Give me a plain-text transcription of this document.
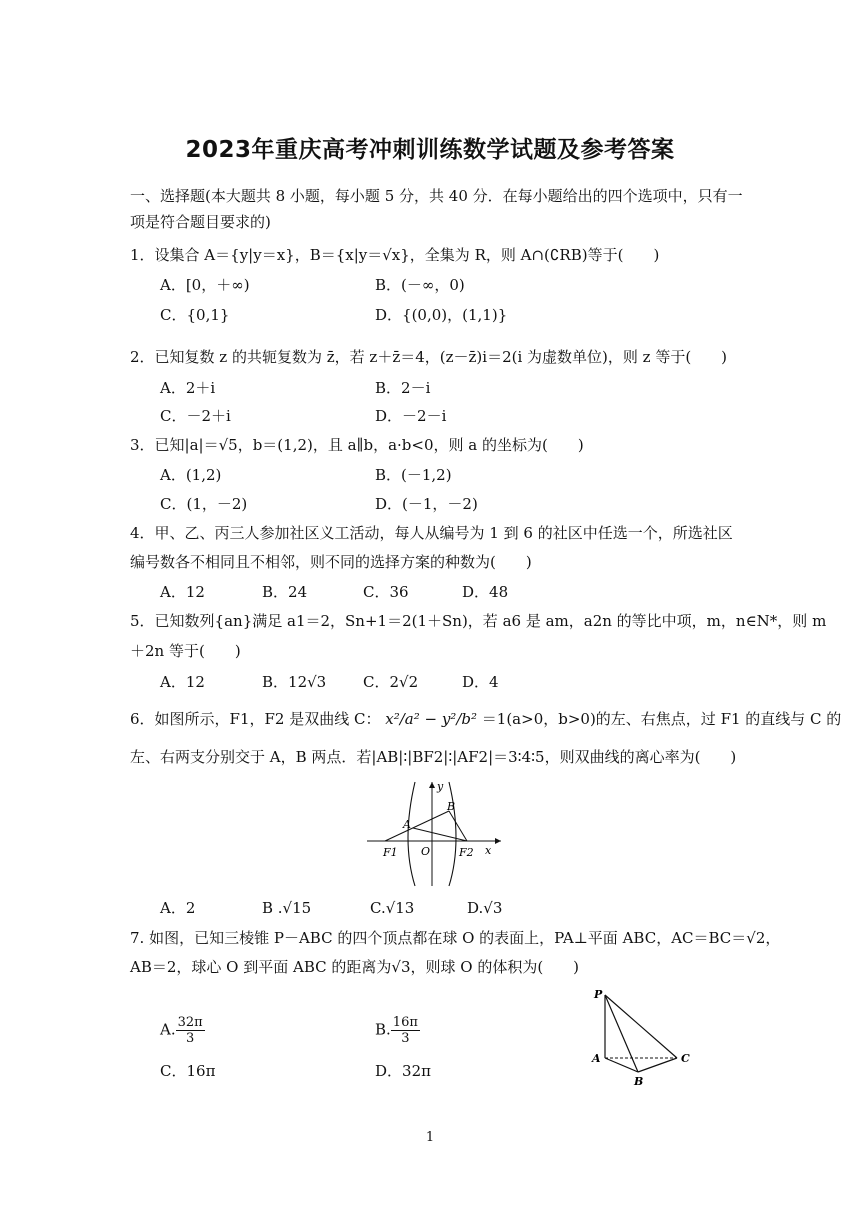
2023年重庆高考冲刺训练数学试题及参考答案
一、选择题(本大题共 8 小题，每小题 5 分，共 40 分．在每小题给出的四个选项中，只有一
项是符合题目要求的)
1．设集合 A＝{y|y＝x}，B＝{x|y＝√x}，全集为 R，则 A∩(∁RB)等于(　　)
A．[0，＋∞)	B．(－∞，0)
C．{0,1}	D．{(0,0)，(1,1)}
2．已知复数 z 的共轭复数为 z̄，若 z＋z̄＝4，(z－z̄)i＝2(i 为虚数单位)，则 z 等于(　　)
A．2＋i	B．2－i
C．－2＋i	D．－2－i
3．已知|a|＝√5，b＝(1,2)，且 a∥b，a·b<0，则 a 的坐标为(　　)
A．(1,2)	B．(－1,2)
C．(1，－2)	D．(－1，－2)
4．甲、乙、丙三人参加社区义工活动，每人从编号为 1 到 6 的社区中任选一个，所选社区
编号数各不相同且不相邻，则不同的选择方案的种数为(　　)
A．12	B．24	C．36	D．48
5．已知数列{an}满足 a1＝2，Sn+1＝2(1＋Sn)，若 a6 是 am，a2n 的等比中项，m，n∈N*，则 m
＋2n 等于(　　)
A．12	B．12√3 C．2√2	D．4
6．如图所示，F1，F2 是双曲线 C： x²/a² − y²/b² ＝1(a>0，b>0)的左、右焦点，过 F1 的直线与 C 的
左、右两支分别交于 A，B 两点．若|AB|∶|BF2|∶|AF2|＝3∶4∶5，则双曲线的离心率为(　　)
y
x
B
A
O
F1	F2
A．2	B .√15	C.√13	D.√3
7. 如图，已知三棱锥 P－ABC 的四个顶点都在球 O 的表面上，PA⊥平面 ABC，AC＝BC＝√2，
AB＝2，球心 O 到平面 ABC 的距离为√3，则球 O 的体积为(　　)
A. $\frac{32\pi}{3}$	B. $\frac{16\pi}{3}$
C．16π	D．32π
P
A
B
C
1
